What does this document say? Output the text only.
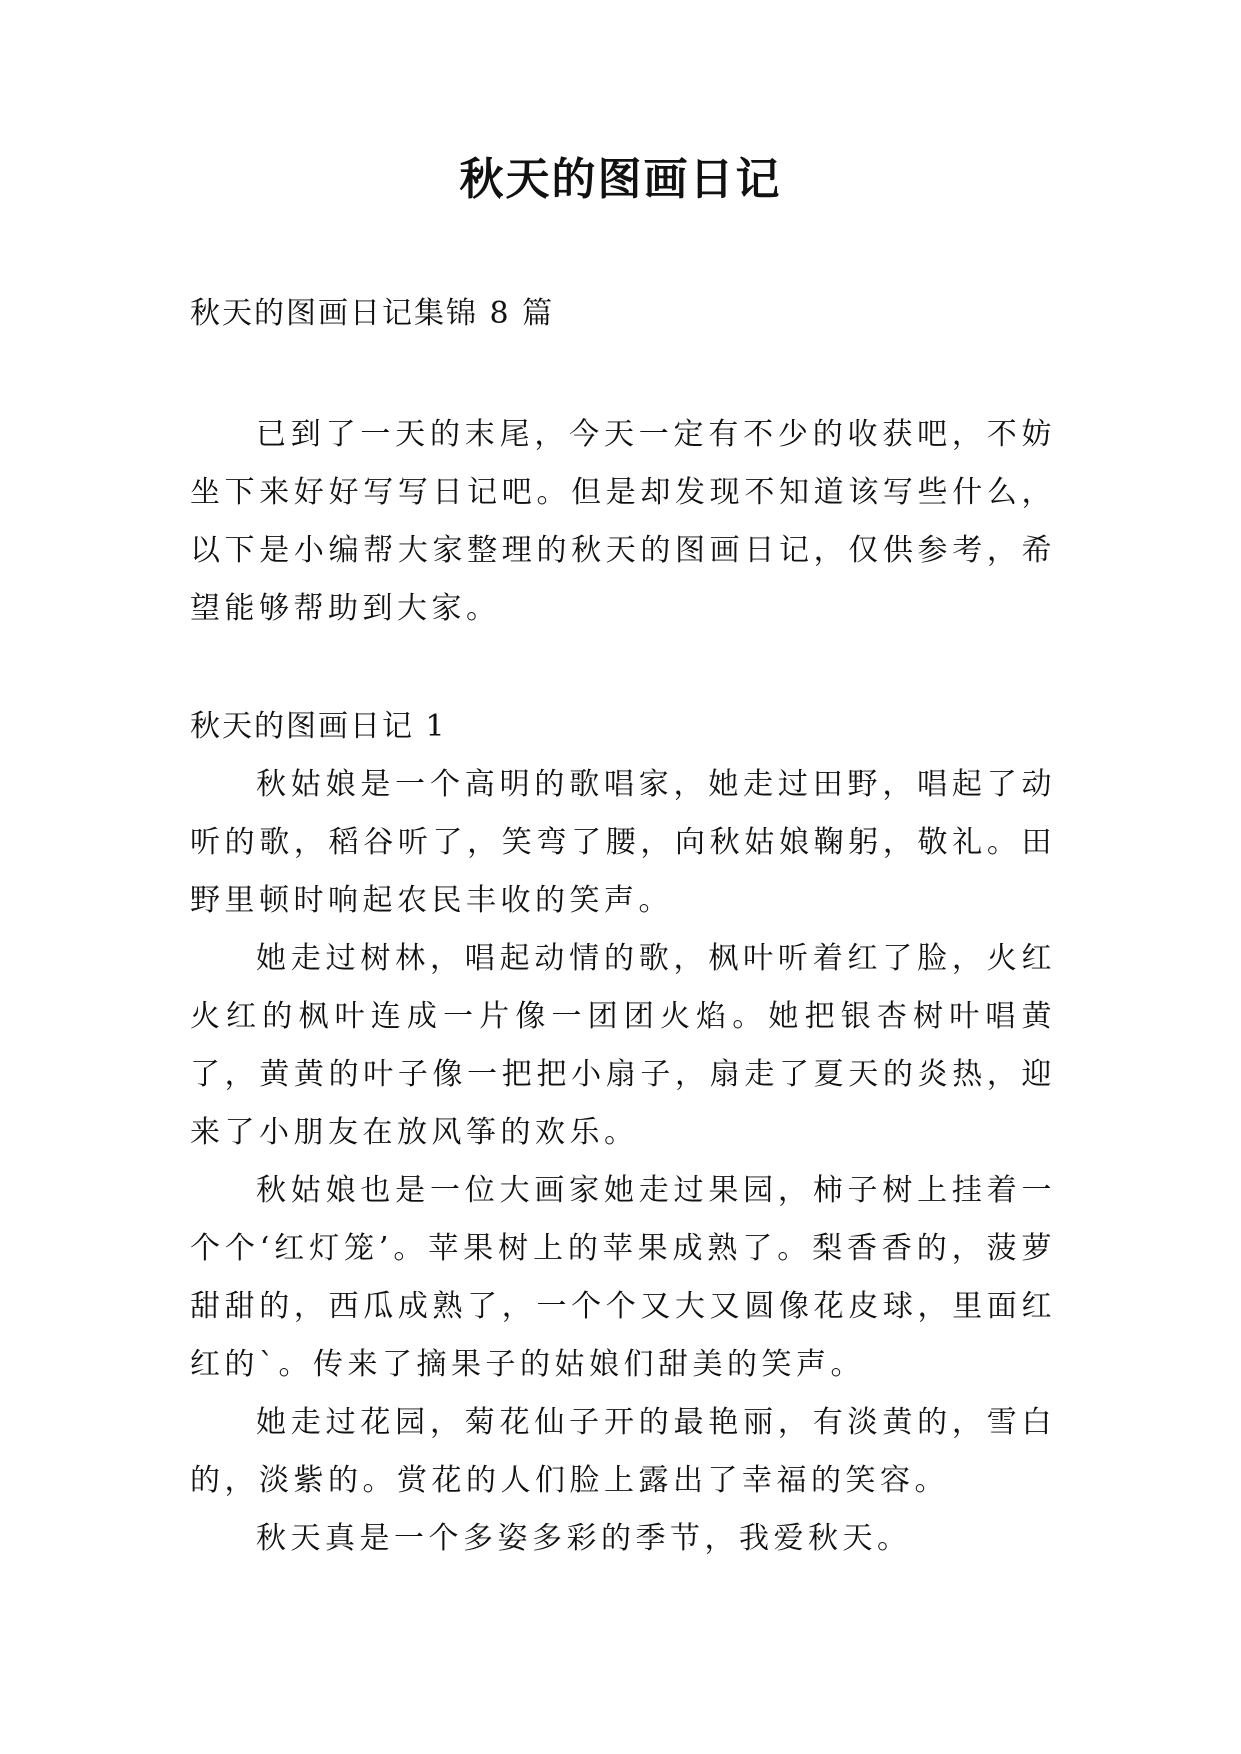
秋天的图画日记

秋天的图画日记集锦 8 篇

已到了一天的末尾，今天一定有不少的收获吧，不妨坐下来好好写写日记吧。但是却发现不知道该写些什么，以下是小编帮大家整理的秋天的图画日记，仅供参考，希望能够帮助到大家。

秋天的图画日记 1

秋姑娘是一个高明的歌唱家，她走过田野，唱起了动听的歌，稻谷听了，笑弯了腰，向秋姑娘鞠躬，敬礼。田野里顿时响起农民丰收的笑声。

她走过树林，唱起动情的歌，枫叶听着红了脸，火红火红的枫叶连成一片像一团团火焰。她把银杏树叶唱黄了，黄黄的叶子像一把把小扇子，扇走了夏天的炎热，迎来了小朋友在放风筝的欢乐。

秋姑娘也是一位大画家她走过果园，柿子树上挂着一个个‘红灯笼’。苹果树上的苹果成熟了。梨香香的，菠萝甜甜的，西瓜成熟了，一个个又大又圆像花皮球，里面红红的`。传来了摘果子的姑娘们甜美的笑声。

她走过花园，菊花仙子开的最艳丽，有淡黄的，雪白的，淡紫的。赏花的人们脸上露出了幸福的笑容。

秋天真是一个多姿多彩的季节，我爱秋天。
